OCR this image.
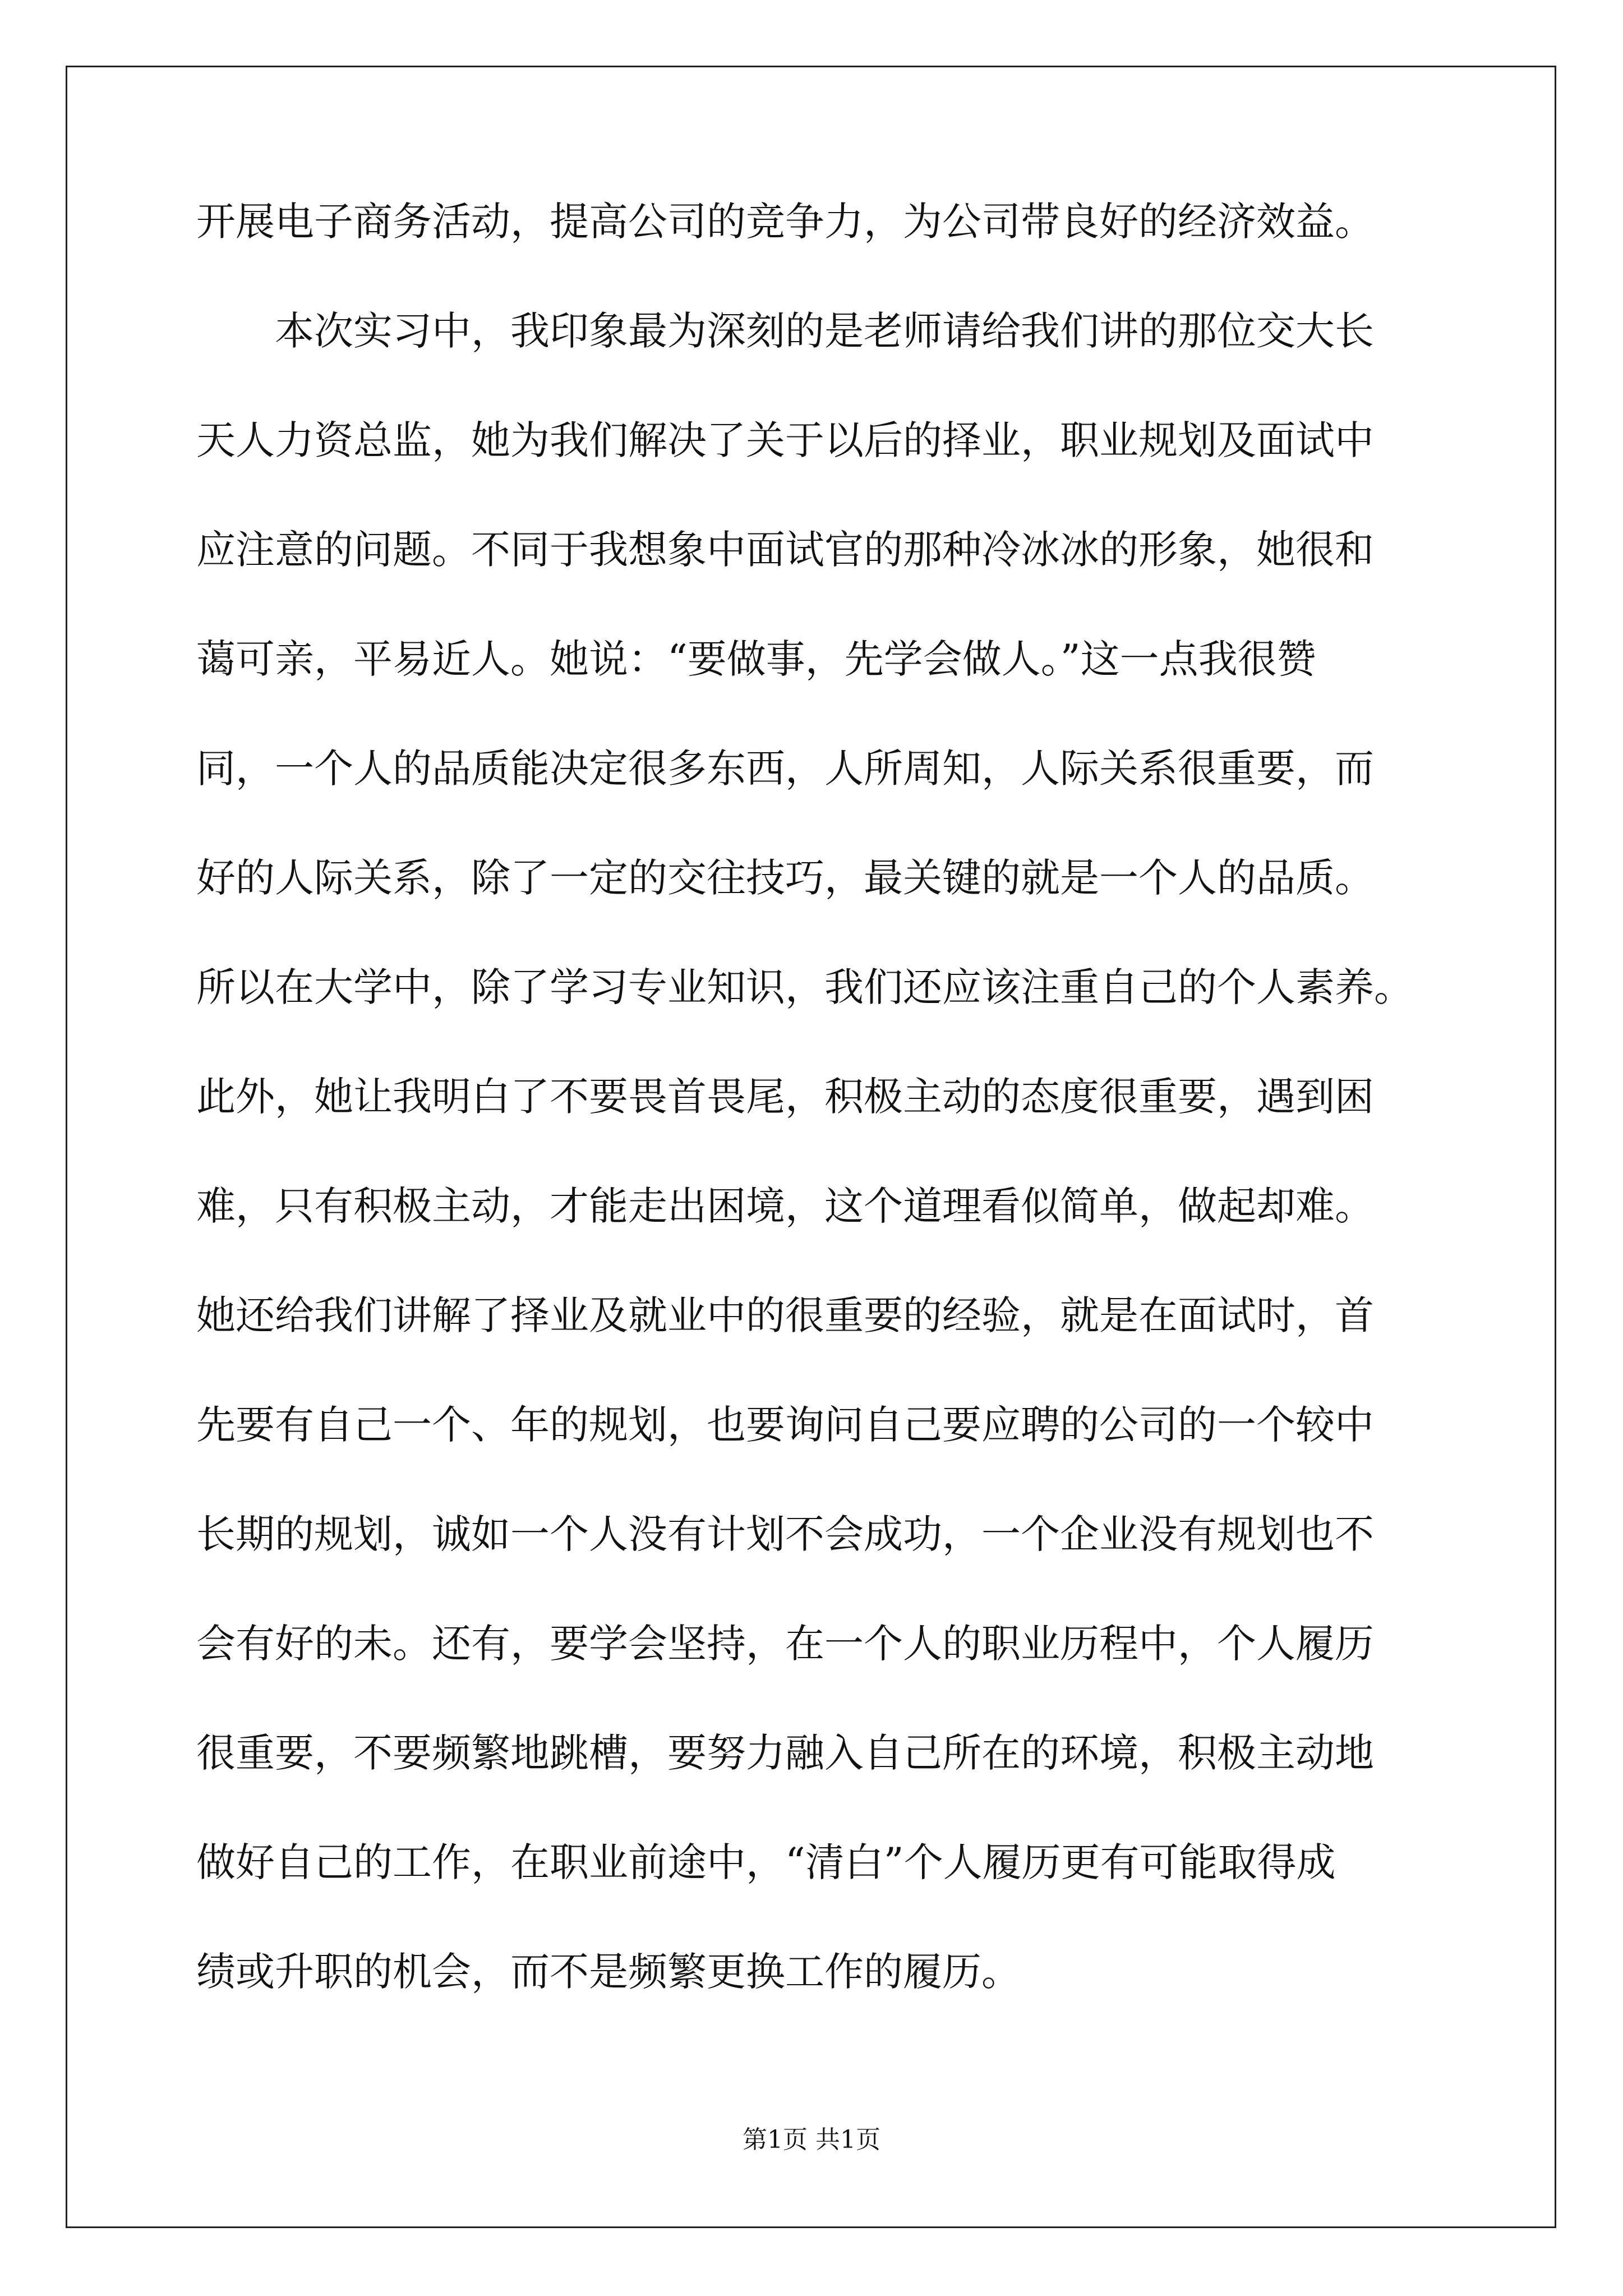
开展电子商务活动，提高公司的竞争力，为公司带良好的经济效益。
本次实习中，我印象最为深刻的是老师请给我们讲的那位交大长
天人力资总监，她为我们解决了关于以后的择业，职业规划及面试中
应注意的问题。不同于我想象中面试官的那种冷冰冰的形象，她很和
蔼可亲，平易近人。她说：“要做事，先学会做人。”这一点我很赞
同，一个人的品质能决定很多东西，人所周知，人际关系很重要，而
好的人际关系，除了一定的交往技巧，最关键的就是一个人的品质。
所以在大学中，除了学习专业知识，我们还应该注重自己的个人素养。
此外，她让我明白了不要畏首畏尾，积极主动的态度很重要，遇到困
难，只有积极主动，才能走出困境，这个道理看似简单，做起却难。
她还给我们讲解了择业及就业中的很重要的经验，就是在面试时，首
先要有自己一个、年的规划，也要询问自己要应聘的公司的一个较中
长期的规划，诚如一个人没有计划不会成功，一个企业没有规划也不
会有好的未。还有，要学会坚持，在一个人的职业历程中，个人履历
很重要，不要频繁地跳槽，要努力融入自己所在的环境，积极主动地
做好自己的工作，在职业前途中，“清白”个人履历更有可能取得成
绩或升职的机会，而不是频繁更换工作的履历。
第1页 共1页
